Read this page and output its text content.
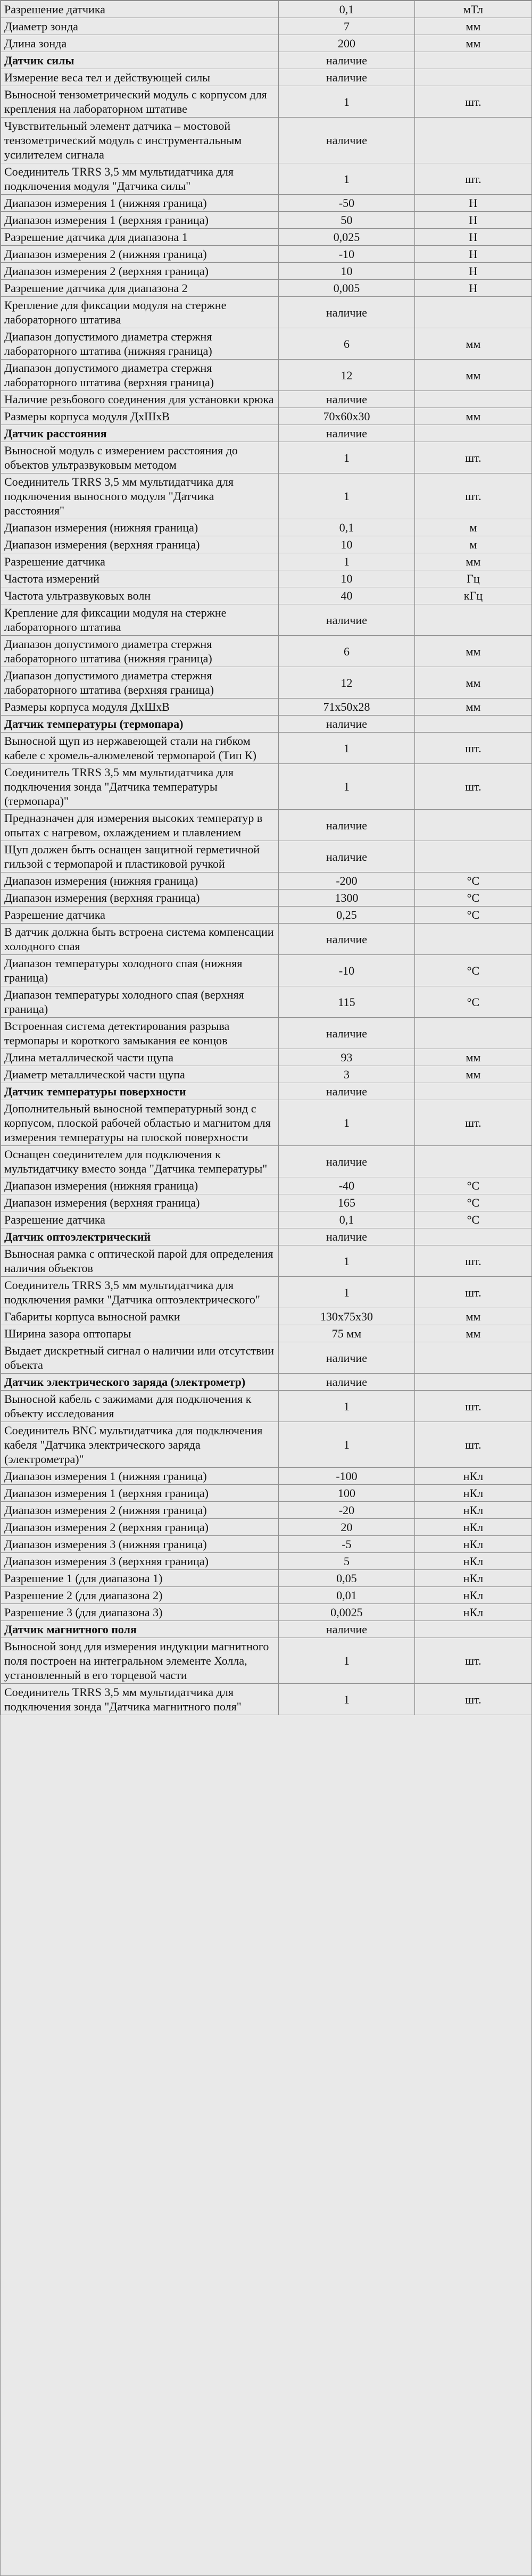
Разрешение датчика	0,1	мТл
Диаметр зонда	7	мм
Длина зонда	200	мм
Датчик силы	наличие	
Измерение веса тел и действующей силы	наличие	
Выносной тензометрический модуль с корпусом для крепления на лабораторном штативе	1	шт.
Чувствительный элемент датчика – мостовой тензометрический модуль с инструментальным усилителем сигнала	наличие	
Соединитель TRRS 3,5 мм мультидатчика для подключения модуля "Датчика силы"	1	шт.
Диапазон измерения 1 (нижняя граница)	-50	Н
Диапазон измерения 1 (верхняя граница)	50	Н
Разрешение датчика для диапазона 1	0,025	Н
Диапазон измерения 2 (нижняя граница)	-10	Н
Диапазон измерения 2 (верхняя граница)	10	Н
Разрешение датчика для диапазона 2	0,005	Н
Крепление для фиксации модуля на стержне лабораторного штатива	наличие	
Диапазон допустимого диаметра стержня лабораторного штатива (нижняя граница)	6	мм
Диапазон допустимого диаметра стержня лабораторного штатива (верхняя граница)	12	мм
Наличие резьбового соединения для установки крюка	наличие	
Размеры корпуса модуля ДхШхВ	70х60х30	мм
Датчик расстояния	наличие	
Выносной модуль с измерением расстояния до объектов ультразвуковым методом	1	шт.
Соединитель TRRS 3,5 мм мультидатчика для подключения выносного модуля "Датчика расстояния"	1	шт.
Диапазон измерения (нижняя граница)	0,1	м
Диапазон измерения (верхняя граница)	10	м
Разрешение датчика	1	мм
Частота измерений	10	Гц
Частота ультразвуковых волн	40	кГц
Крепление для фиксации модуля на стержне лабораторного штатива	наличие	
Диапазон допустимого диаметра стержня лабораторного штатива (нижняя граница)	6	мм
Диапазон допустимого диаметра стержня лабораторного штатива (верхняя граница)	12	мм
Размеры корпуса модуля ДхШхВ	71х50х28	мм
Датчик температуры (термопара)	наличие	
Выносной щуп из нержавеющей стали на гибком кабеле с хромель-алюмелевой термопарой (Тип К)	1	шт.
Соединитель TRRS 3,5 мм мультидатчика для подключения зонда "Датчика температуры (термопара)"	1	шт.
Предназначен для измерения высоких температур в опытах с нагревом, охлаждением и плавлением	наличие	
Щуп должен быть оснащен защитной герметичной гильзой с термопарой и пластиковой ручкой	наличие	
Диапазон измерения (нижняя граница)	-200	°С
Диапазон измерения (верхняя граница)	1300	°С
Разрешение датчика	0,25	°С
В датчик должна быть встроена система компенсации холодного спая	наличие	
Диапазон температуры холодного спая (нижняя граница)	-10	°С
Диапазон температуры холодного спая (верхняя граница)	115	°С
Встроенная система детектирования разрыва термопары и короткого замыкания ее концов	наличие	
Длина металлической части щупа	93	мм
Диаметр металлической части щупа	3	мм
Датчик температуры поверхности	наличие	
Дополнительный выносной температурный зонд с корпусом, плоской рабочей областью и магнитом для измерения температуры на плоской поверхности	1	шт.
Оснащен соединителем для подключения к мультидатчику вместо зонда "Датчика температуры"	наличие	
Диапазон измерения (нижняя граница)	-40	°С
Диапазон измерения (верхняя граница)	165	°С
Разрешение датчика	0,1	°С
Датчик оптоэлектрический	наличие	
Выносная рамка с оптической парой для определения наличия объектов	1	шт.
Соединитель TRRS 3,5 мм мультидатчика для подключения рамки "Датчика оптоэлектрического"	1	шт.
Габариты корпуса выносной рамки	130х75х30	мм
Ширина зазора оптопары	75 мм	мм
Выдает дискретный сигнал о наличии или отсутствии объекта	наличие	
Датчик электрического заряда (электрометр)	наличие	
Выносной кабель с зажимами для подключения к объекту исследования	1	шт.
Соединитель BNC мультидатчика для подключения кабеля "Датчика электрического заряда (электрометра)"	1	шт.
Диапазон измерения 1 (нижняя граница)	-100	нКл
Диапазон измерения 1 (верхняя граница)	100	нКл
Диапазон измерения 2 (нижняя граница)	-20	нКл
Диапазон измерения 2 (верхняя граница)	20	нКл
Диапазон измерения 3 (нижняя граница)	-5	нКл
Диапазон измерения 3 (верхняя граница)	5	нКл
Разрешение 1 (для диапазона 1)	0,05	нКл
Разрешение 2 (для диапазона 2)	0,01	нКл
Разрешение 3 (для диапазона 3)	0,0025	нКл
Датчик магнитного поля	наличие	
Выносной зонд для измерения индукции магнитного поля построен на интегральном элементе Холла, установленный в его торцевой части	1	шт.
Соединитель TRRS 3,5 мм мультидатчика для подключения зонда "Датчика магнитного поля"	1	шт.
